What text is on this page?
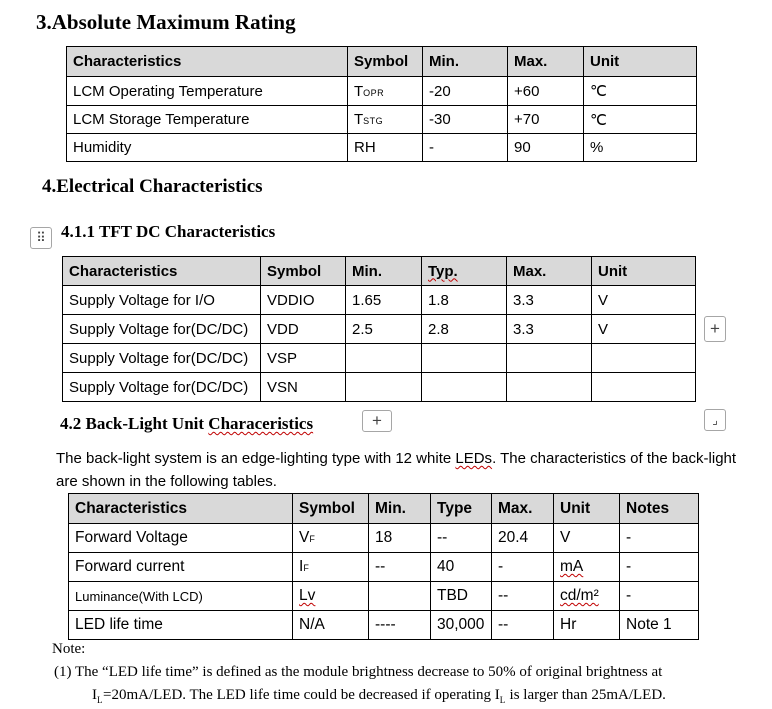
3.Absolute Maximum Rating
Characteristics	Symbol	Min.	Max.	Unit
LCM Operating Temperature	TOPR	-20	+60	℃
LCM Storage Temperature	TSTG	-30	+70	℃
Humidity	RH	-	90	%
4.Electrical Characteristics
⠿ 4.1.1 TFT DC Characteristics
Characteristics	Symbol	Min.	Typ.	Max.	Unit
Supply Voltage for I/O	VDDIO	1.65	1.8	3.3	V
Supply Voltage for(DC/DC)	VDD	2.5	2.8	3.3	V
Supply Voltage for(DC/DC)	VSP				
Supply Voltage for(DC/DC)	VSN				
+
4.2 Back-Light Unit Characeristics	+	⌟

The back-light system is an edge-lighting type with 12 white LEDs. The characteristics of the back-light are shown in the following tables.

Characteristics	Symbol	Min.	Type	Max.	Unit	Notes
Forward Voltage	VF	18	--	20.4	V	-
Forward current	IF	--	40	-	mA	-
Luminance(With LCD)	Lv		TBD	--	cd/m²	-
LED life time	N/A	----	30,000	--	Hr	Note 1

Note:

(1) The “LED life time” is defined as the module brightness decrease to 50% of original brightness at

$I_L=20mA$/LED. The LED life time could be decreased if operating $I_L$ is larger than 25mA/LED.
